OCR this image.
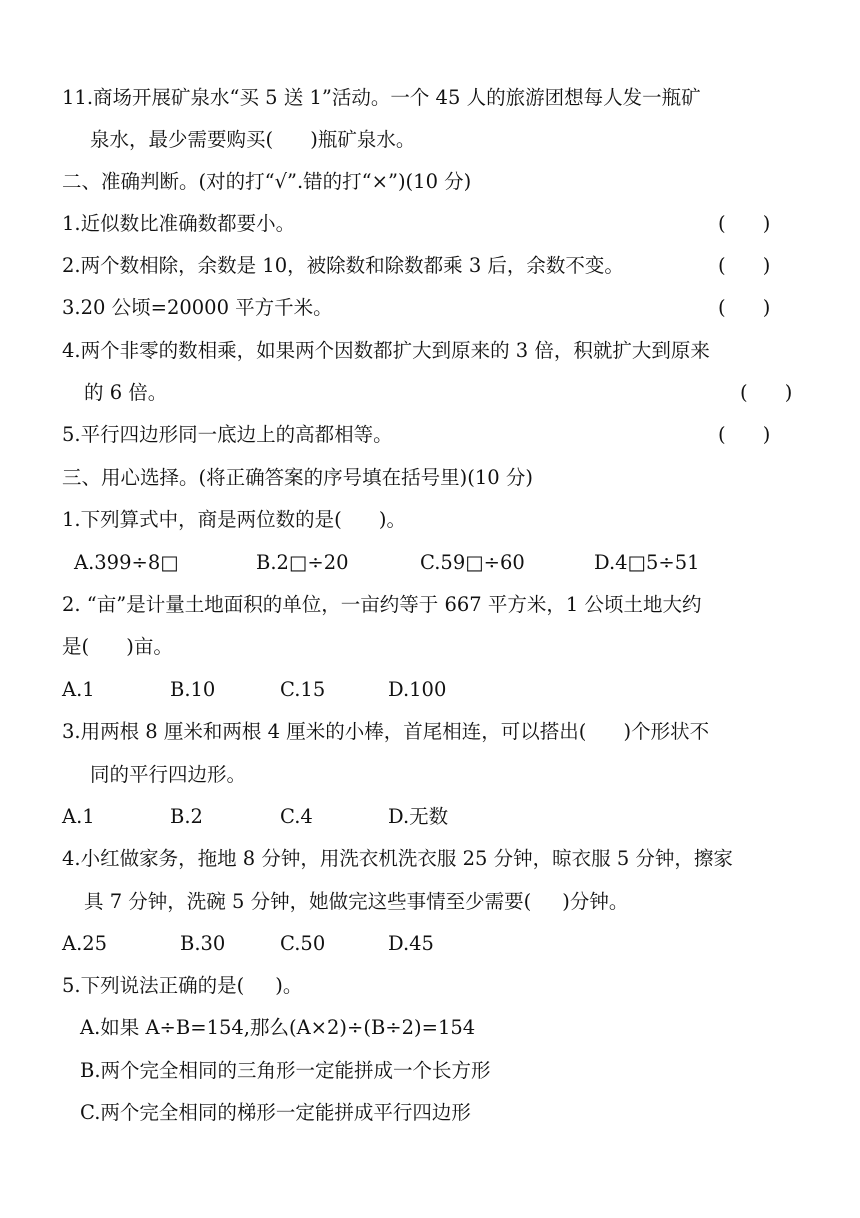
11.商场开展矿泉水“买 5 送 1”活动。一个 45 人的旅游团想每人发一瓶矿
泉水，最少需要购买(      )瓶矿泉水。
二、准确判断。(对的打“√”.错的打“×”)(10 分)
1.近似数比准确数都要小。	(      )
2.两个数相除，余数是 10，被除数和除数都乘 3 后，余数不变。	(      )
3.20 公顷=20000 平方千米。	(      )
4.两个非零的数相乘，如果两个因数都扩大到原来的 3 倍，积就扩大到原来
的 6 倍。	(      )
5.平行四边形同一底边上的高都相等。	(      )
三、用心选择。(将正确答案的序号填在括号里)(10 分)
1.下列算式中，商是两位数的是(      )。
A.399÷8□	B.2□÷20	C.59□÷60	D.4□5÷51
2. “亩”是计量土地面积的单位，一亩约等于 667 平方米，1 公顷土地大约
是(      )亩。
A.1	B.10	C.15	D.100
3.用两根 8 厘米和两根 4 厘米的小棒，首尾相连，可以搭出(      )个形状不
同的平行四边形。
A.1	B.2	C.4	D.无数
4.小红做家务，拖地 8 分钟，用洗衣机洗衣服 25 分钟，晾衣服 5 分钟，擦家
具 7 分钟，洗碗 5 分钟，她做完这些事情至少需要(     )分钟。
A.25	B.30	C.50	D.45
5.下列说法正确的是(     )。
A.如果 A÷B=154,那么(A×2)÷(B÷2)=154
B.两个完全相同的三角形一定能拼成一个长方形
C.两个完全相同的梯形一定能拼成平行四边形
